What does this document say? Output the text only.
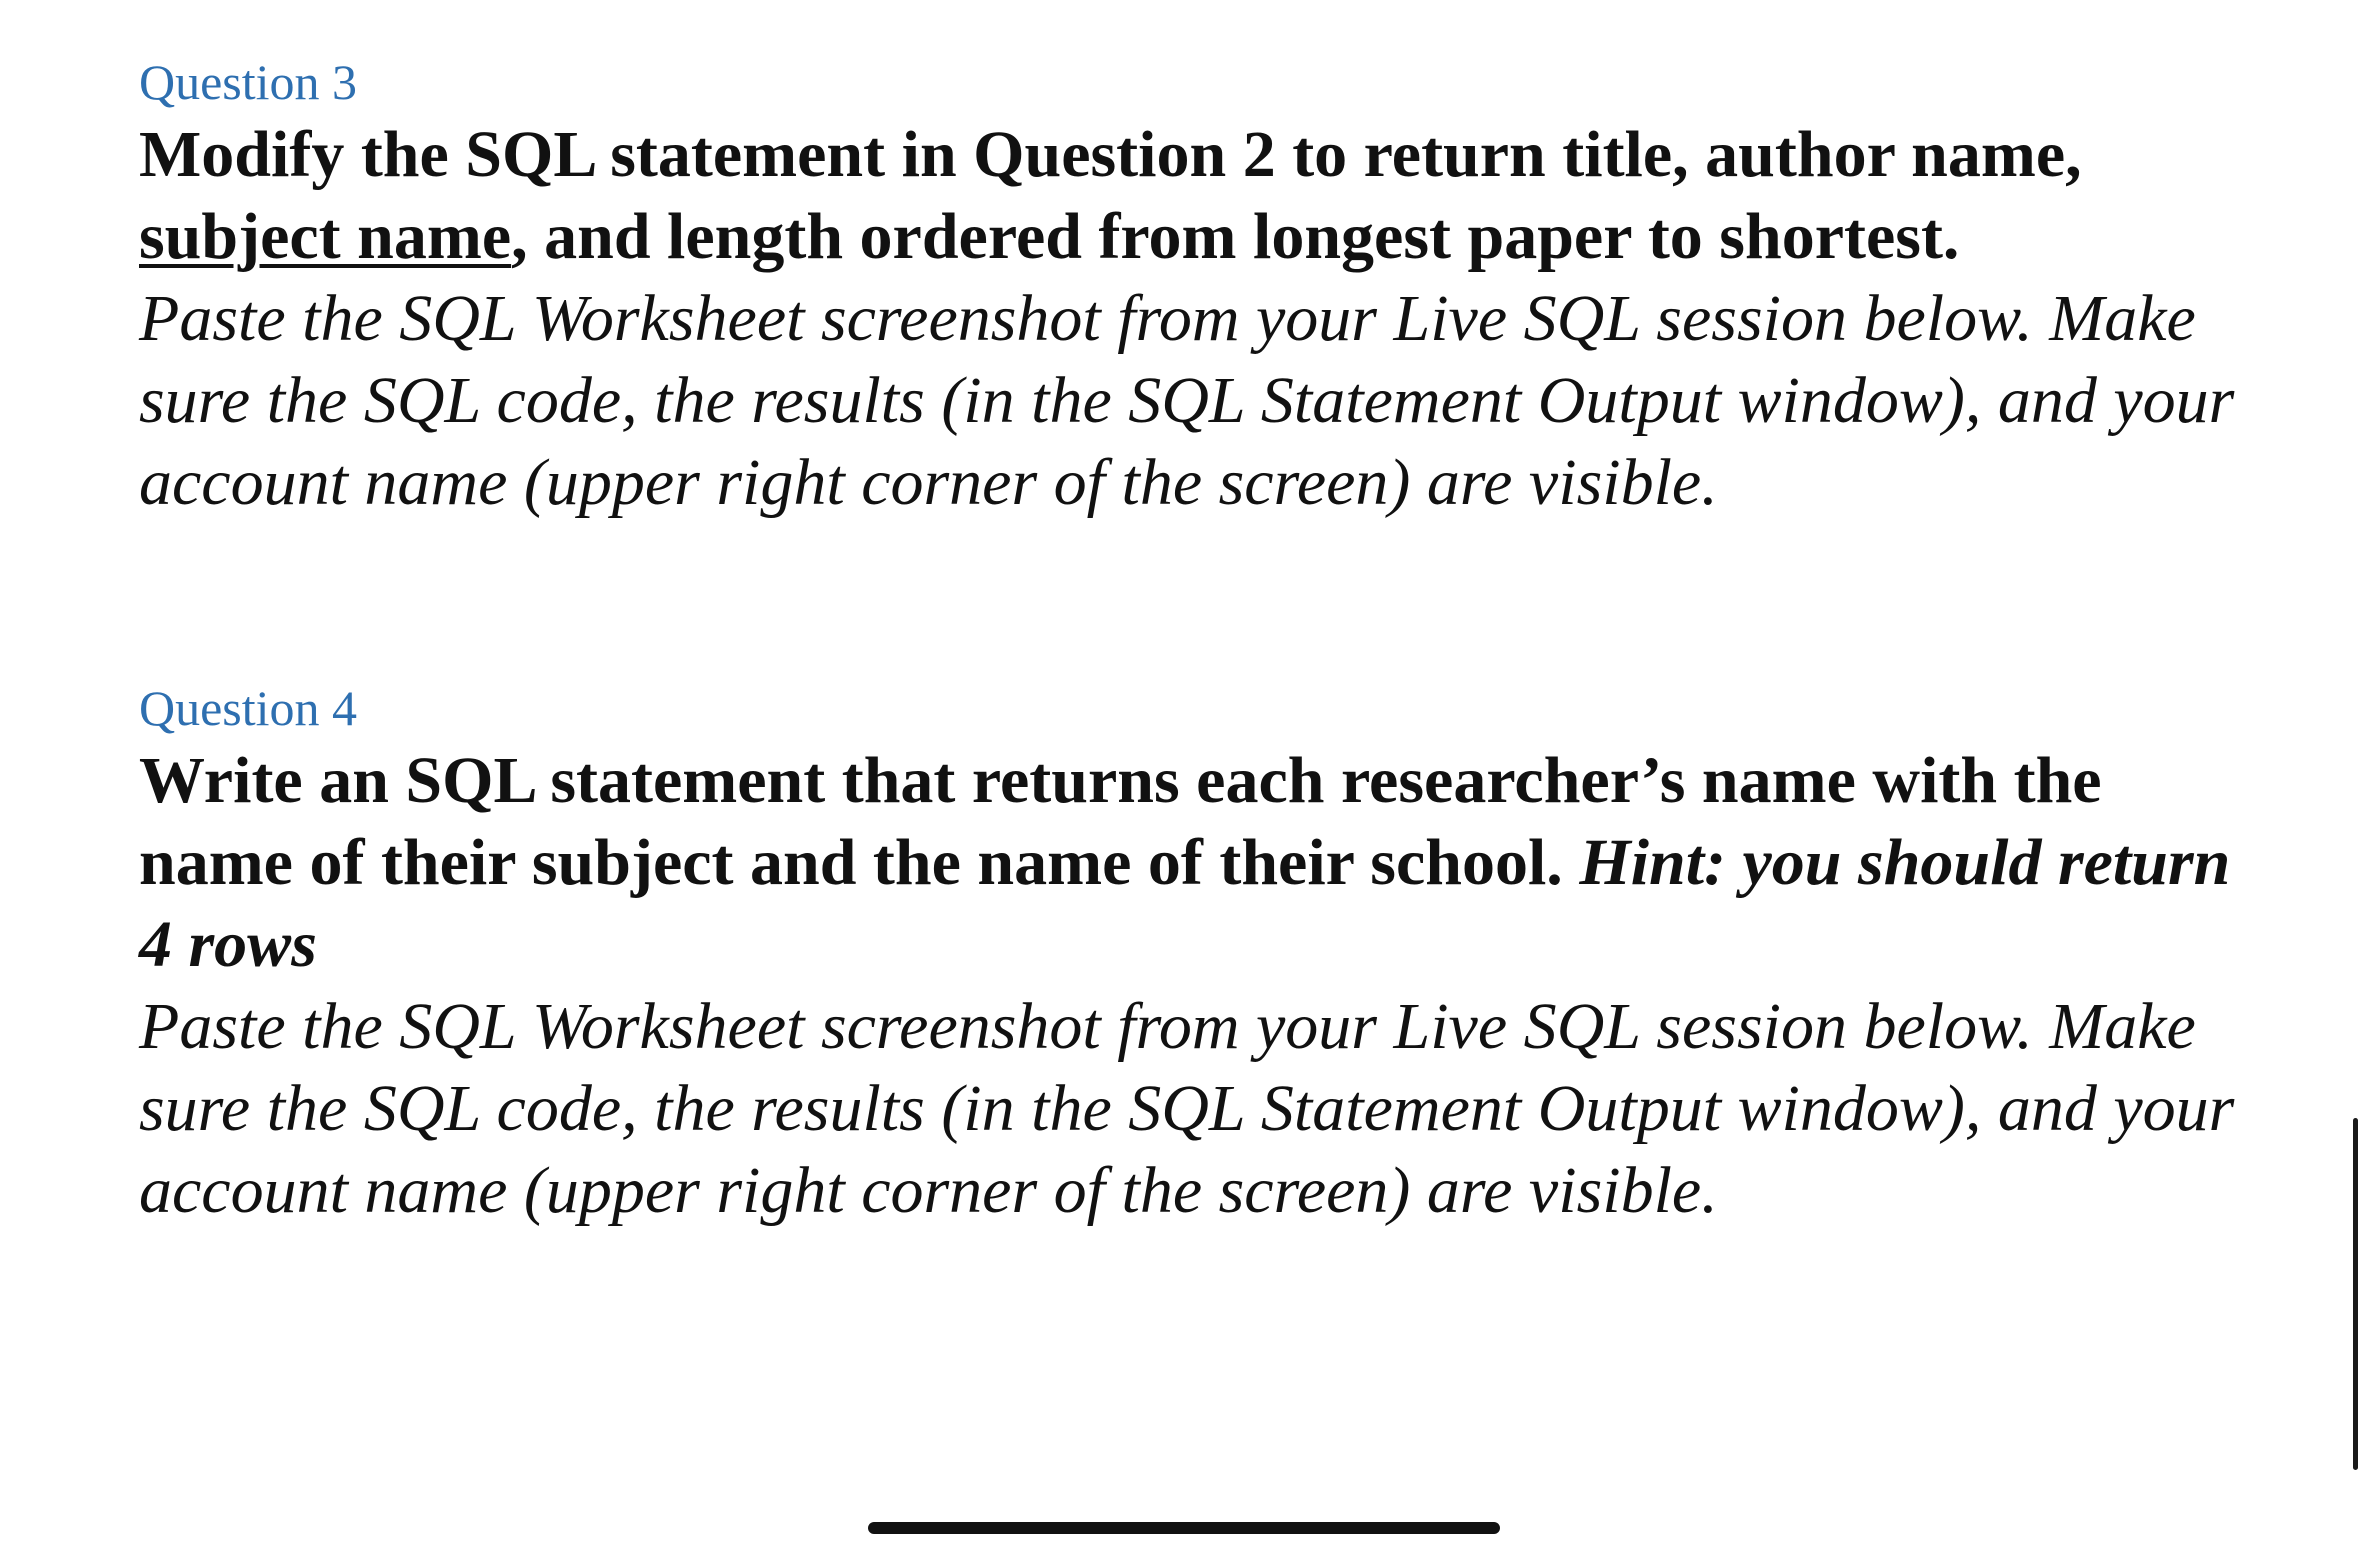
Question 3

Modify the SQL statement in Question 2 to return title, author name, subject name, and length ordered from longest paper to shortest.

Paste the SQL Worksheet screenshot from your Live SQL session below. Make sure the SQL code, the results (in the SQL Statement Output window), and your account name (upper right corner of the screen) are visible.

Question 4

Write an SQL statement that returns each researcher’s name with the name of their subject and the name of their school. Hint: you should return 4 rows

Paste the SQL Worksheet screenshot from your Live SQL session below. Make sure the SQL code, the results (in the SQL Statement Output window), and your account name (upper right corner of the screen) are visible.
